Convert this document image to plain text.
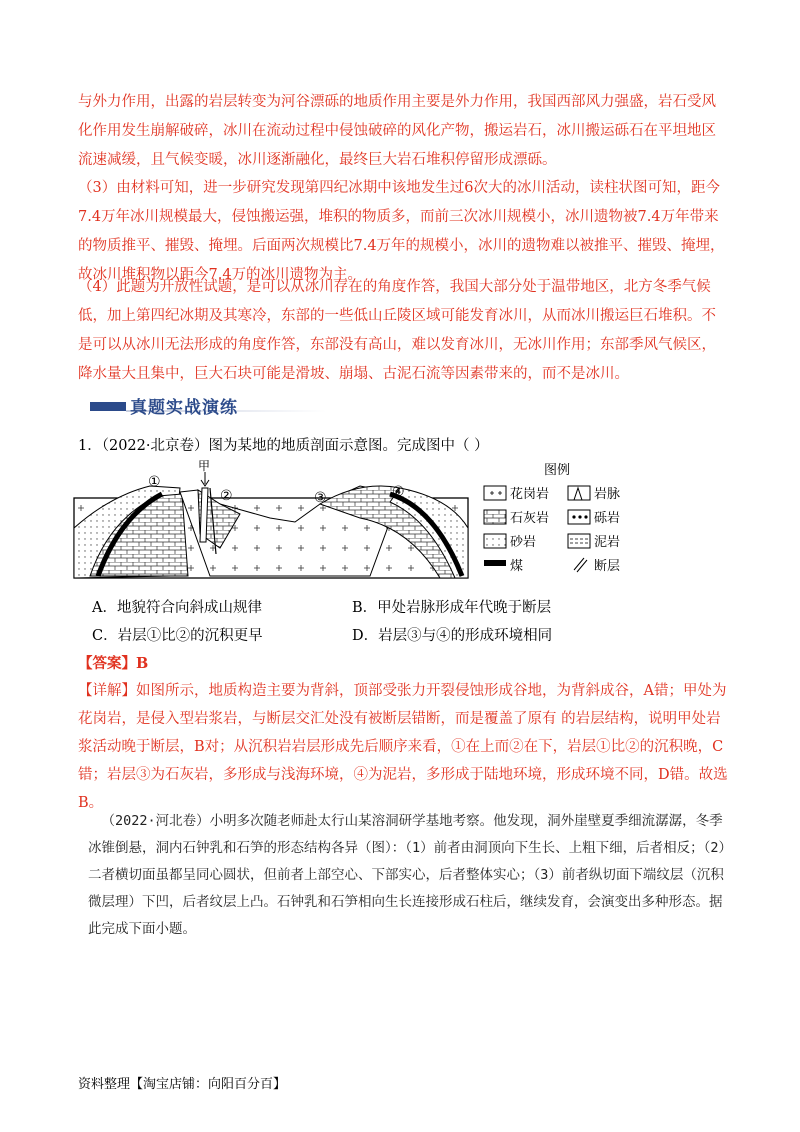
与外力作用，出露的岩层转变为河谷漂砾的地质作用主要是外力作用，我国西部风力强盛，岩石受风化作用发生崩解破碎，冰川在流动过程中侵蚀破碎的风化产物，搬运岩石，冰川搬运砾石在平坦地区流速减缓，且气候变暖，冰川逐渐融化，最终巨大岩石堆积停留形成漂砾。
（3）由材料可知，进一步研究发现第四纪冰期中该地发生过6次大的冰川活动，读柱状图可知，距今7.4万年冰川规模最大，侵蚀搬运强，堆积的物质多，而前三次冰川规模小，冰川遗物被7.4万年带来的物质推平、摧毁、掩埋。后面两次规模比7.4万年的规模小，冰川的遗物难以被推平、摧毁、掩埋，故冰川堆积物以距今7.4万的冰川遗物为主。
（4）此题为开放性试题，是可以从冰川存在的角度作答，我国大部分处于温带地区，北方冬季气候低，加上第四纪冰期及其寒冷，东部的一些低山丘陵区域可能发育冰川，从而冰川搬运巨石堆积。不是可以从冰川无法形成的角度作答，东部没有高山，难以发育冰川，无冰川作用；东部季风气候区，降水量大且集中，巨大石块可能是滑坡、崩塌、古泥石流等因素带来的，而不是冰川。
真题实战演练
1．（2022·北京卷）图为某地的地质剖面示意图。完成图中（ ）
甲
①
②	③	④
图例
花岗岩	岩脉
石灰岩	砾岩
砂岩	泥岩
煤	断层
A．地貌符合向斜成山规律	B．甲处岩脉形成年代晚于断层
C．岩层①比②的沉积更早	D．岩层③与④的形成环境相同
【答案】B
【详解】如图所示，地质构造主要为背斜，顶部受张力开裂侵蚀形成谷地，为背斜成谷，A错；甲处为花岗岩，是侵入型岩浆岩，与断层交汇处没有被断层错断，而是覆盖了原有 的岩层结构，说明甲处岩浆活动晚于断层，B对；从沉积岩岩层形成先后顺序来看，①在上而②在下，岩层①比②的沉积晚，C错；岩层③为石灰岩，多形成与浅海环境，④为泥岩，多形成于陆地环境，形成环境不同，D错。故选B。
（2022·河北卷）小明多次随老师赴太行山某溶洞研学基地考察。他发现，洞外崖壁夏季细流潺潺，冬季冰锥倒悬，洞内石钟乳和石笋的形态结构各异（图）：（1）前者由洞顶向下生长、上粗下细，后者相反；（2）二者横切面虽都呈同心圆状，但前者上部空心、下部实心，后者整体实心；（3）前者纵切面下端纹层（沉积微层理）下凹，后者纹层上凸。石钟乳和石笋相向生长连接形成石柱后，继续发育，会演变出多种形态。据此完成下面小题。
资料整理【淘宝店铺：向阳百分百】
